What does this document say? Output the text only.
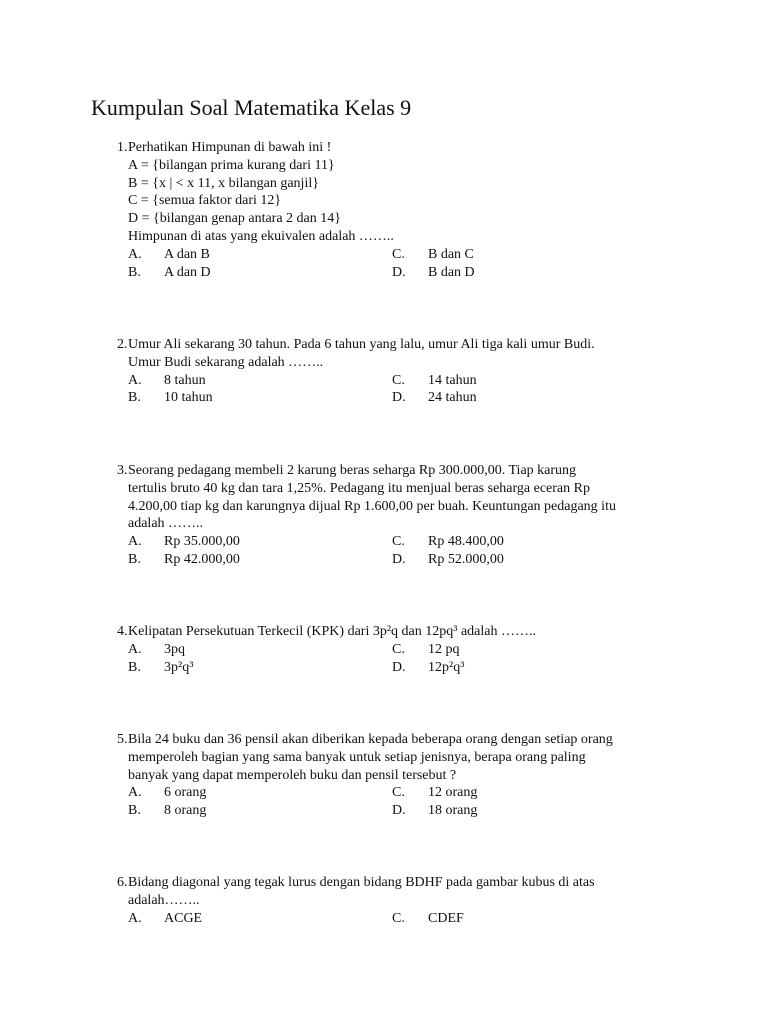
Kumpulan Soal Matematika Kelas 9
1. Perhatikan Himpunan di bawah ini !
A = {bilangan prima kurang dari 11}
B = {x | < x 11, x bilangan ganjil}
C = {semua faktor dari 12}
D = {bilangan genap antara 2 dan 14}
Himpunan di atas yang ekuivalen adalah ……..
A. A dan B	C. B dan C
B. A dan D	D. B dan D
2. Umur Ali sekarang 30 tahun. Pada 6 tahun yang lalu, umur Ali tiga kali umur Budi.
Umur Budi sekarang adalah ……..
A. 8 tahun	C. 14 tahun
B. 10 tahun	D. 24 tahun
3. Seorang pedagang membeli 2 karung beras seharga Rp 300.000,00. Tiap karung
tertulis bruto 40 kg dan tara 1,25%. Pedagang itu menjual beras seharga eceran Rp
4.200,00 tiap kg dan karungnya dijual Rp 1.600,00 per buah. Keuntungan pedagang itu
adalah ……..
A. Rp 35.000,00	C. Rp 48.400,00
B. Rp 42.000,00	D. Rp 52.000,00
4. Kelipatan Persekutuan Terkecil (KPK) dari 3p²q dan 12pq³ adalah ……..
A. 3pq	C. 12 pq
B. 3p²q³	D. 12p²q³
5. Bila 24 buku dan 36 pensil akan diberikan kepada beberapa orang dengan setiap orang
memperoleh bagian yang sama banyak untuk setiap jenisnya, berapa orang paling
banyak yang dapat memperoleh buku dan pensil tersebut ?
A. 6 orang	C. 12 orang
B. 8 orang	D. 18 orang
6. Bidang diagonal yang tegak lurus dengan bidang BDHF pada gambar kubus di atas
adalah……..
A. ACGE	C. CDEF
